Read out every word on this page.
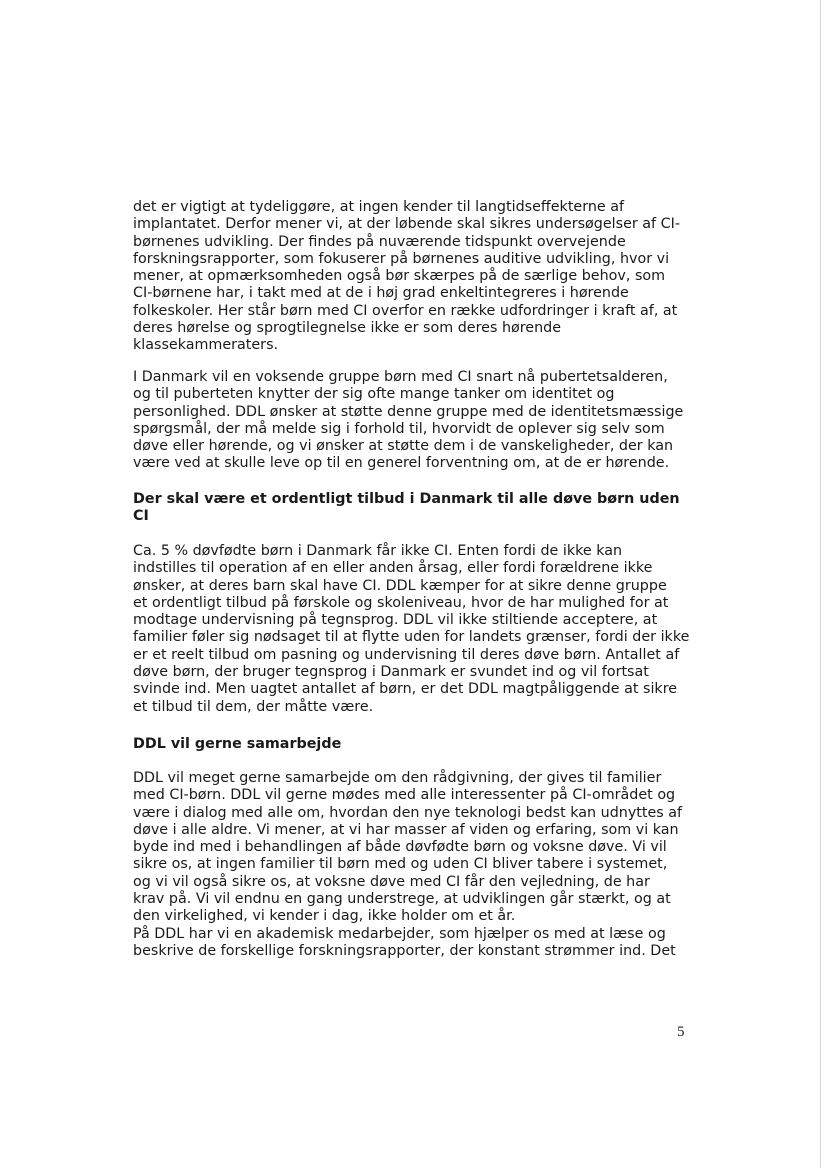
det er vigtigt at tydeliggøre, at ingen kender til langtidseffekterne af
implantatet. Derfor mener vi, at der løbende skal sikres undersøgelser af CI-
børnenes udvikling. Der findes på nuværende tidspunkt overvejende
forskningsrapporter, som fokuserer på børnenes auditive udvikling, hvor vi
mener, at opmærksomheden også bør skærpes på de særlige behov, som
CI-børnene har, i takt med at de i høj grad enkeltintegreres i hørende
folkeskoler. Her står børn med CI overfor en række udfordringer i kraft af, at
deres hørelse og sprogtilegnelse ikke er som deres hørende
klassekammeraters.
I Danmark vil en voksende gruppe børn med CI snart nå pubertetsalderen,
og til puberteten knytter der sig ofte mange tanker om identitet og
personlighed. DDL ønsker at støtte denne gruppe med de identitetsmæssige
spørgsmål, der må melde sig i forhold til, hvorvidt de oplever sig selv som
døve eller hørende, og vi ønsker at støtte dem i de vanskeligheder, der kan
være ved at skulle leve op til en generel forventning om, at de er hørende.
Der skal være et ordentligt tilbud i Danmark til alle døve børn uden
CI
Ca. 5 % døvfødte børn i Danmark får ikke CI. Enten fordi de ikke kan
indstilles til operation af en eller anden årsag, eller fordi forældrene ikke
ønsker, at deres barn skal have CI. DDL kæmper for at sikre denne gruppe
et ordentligt tilbud på førskole og skoleniveau, hvor de har mulighed for at
modtage undervisning på tegnsprog. DDL vil ikke stiltiende acceptere, at
familier føler sig nødsaget til at flytte uden for landets grænser, fordi der ikke
er et reelt tilbud om pasning og undervisning til deres døve børn. Antallet af
døve børn, der bruger tegnsprog i Danmark er svundet ind og vil fortsat
svinde ind. Men uagtet antallet af børn, er det DDL magtpåliggende at sikre
et tilbud til dem, der måtte være.
DDL vil gerne samarbejde
DDL vil meget gerne samarbejde om den rådgivning, der gives til familier
med CI-børn. DDL vil gerne mødes med alle interessenter på CI-området og
være i dialog med alle om, hvordan den nye teknologi bedst kan udnyttes af
døve i alle aldre. Vi mener, at vi har masser af viden og erfaring, som vi kan
byde ind med i behandlingen af både døvfødte børn og voksne døve. Vi vil
sikre os, at ingen familier til børn med og uden CI bliver tabere i systemet,
og vi vil også sikre os, at voksne døve med CI får den vejledning, de har
krav på. Vi vil endnu en gang understrege, at udviklingen går stærkt, og at
den virkelighed, vi kender i dag, ikke holder om et år.
På DDL har vi en akademisk medarbejder, som hjælper os med at læse og
beskrive de forskellige forskningsrapporter, der konstant strømmer ind. Det
5
